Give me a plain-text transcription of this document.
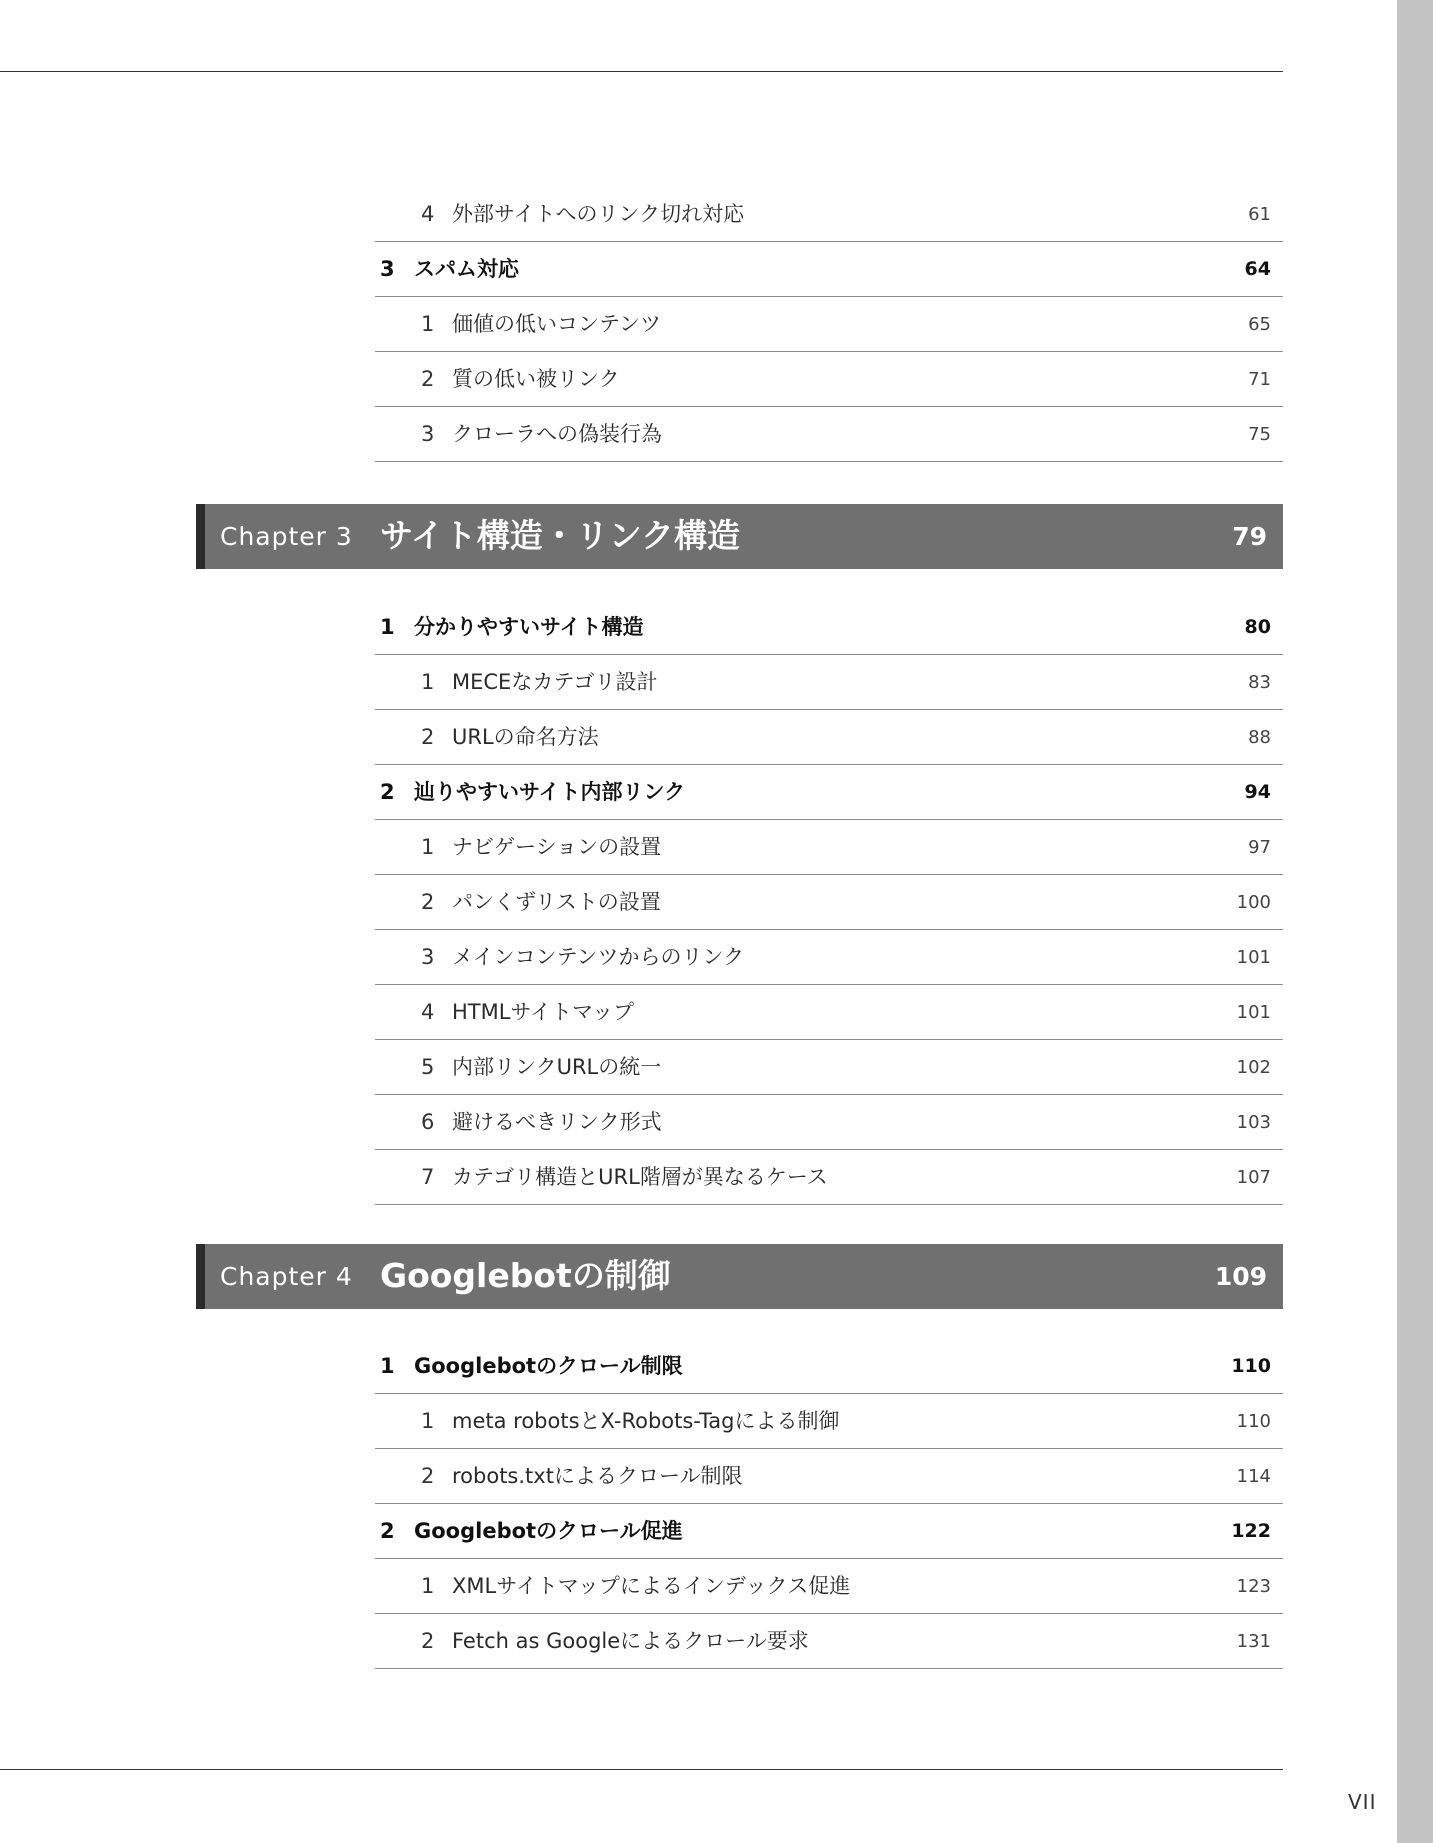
4 外部サイトへのリンク切れ対応	61
3 スパム対応	64
1 価値の低いコンテンツ	65
2 質の低い被リンク	71
3 クローラへの偽装行為	75
Chapter 3 サイト構造・リンク構造	79
1 分かりやすいサイト構造	80
1 MECEなカテゴリ設計	83
2 URLの命名方法	88
2 辿りやすいサイト内部リンク	94
1 ナビゲーションの設置	97
2 パンくずリストの設置	100
3 メインコンテンツからのリンク	101
4 HTMLサイトマップ	101
5 内部リンクURLの統一	102
6 避けるべきリンク形式	103
7 カテゴリ構造とURL階層が異なるケース	107
Chapter 4 Googlebotの制御	109
1 Googlebotのクロール制限	110
1 meta robotsとX-Robots-Tagによる制御	110
2 robots.txtによるクロール制限	114
2 Googlebotのクロール促進	122
1 XMLサイトマップによるインデックス促進	123
2 Fetch as Googleによるクロール要求	131
VII
